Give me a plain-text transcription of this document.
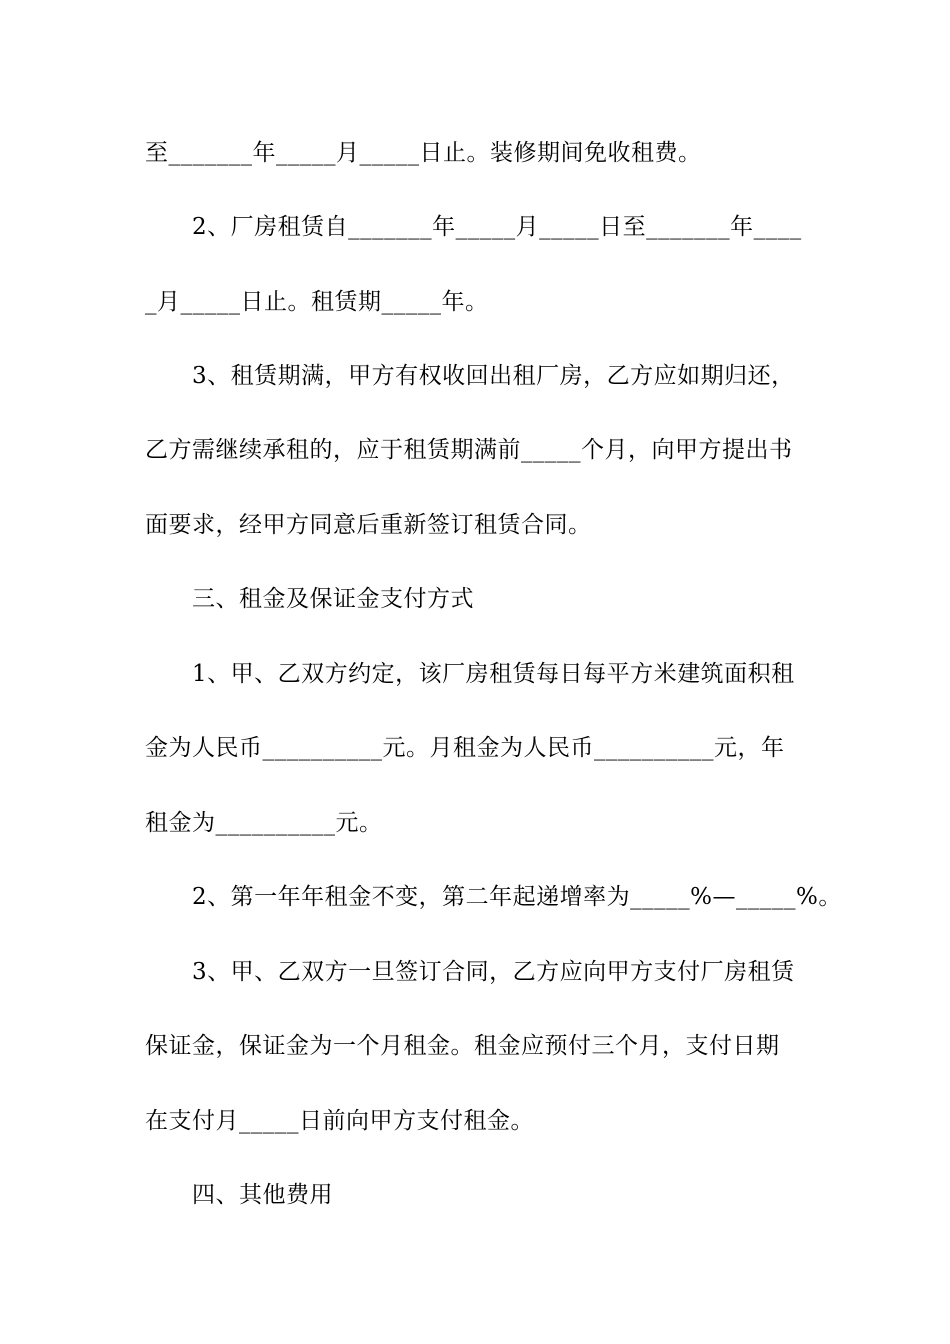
至_______年_____月_____日止。装修期间免收租费。
2、厂房租赁自_______年_____月_____日至_______年____
_月_____日止。租赁期_____年。
3、租赁期满，甲方有权收回出租厂房，乙方应如期归还，
乙方需继续承租的，应于租赁期满前_____个月，向甲方提出书
面要求，经甲方同意后重新签订租赁合同。
三、租金及保证金支付方式
1、甲、乙双方约定，该厂房租赁每日每平方米建筑面积租
金为人民币__________元。月租金为人民币__________元，年
租金为__________元。
2、第一年年租金不变，第二年起递增率为_____%—_____%。
3、甲、乙双方一旦签订合同，乙方应向甲方支付厂房租赁
保证金，保证金为一个月租金。租金应预付三个月，支付日期
在支付月_____日前向甲方支付租金。
四、其他费用
